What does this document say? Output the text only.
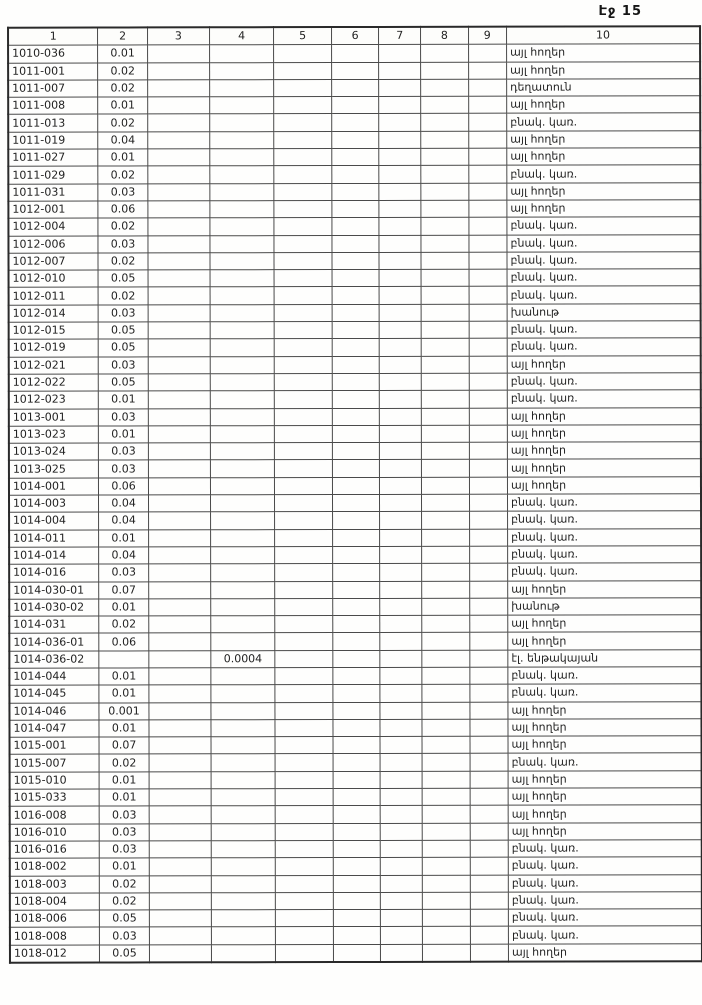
Էջ 15
1	2	3	4	5	6	7	8	9	10
1010-036	0.01								այլ հողեր
1011-001	0.02								այլ հողեր
1011-007	0.02								դեղատուն
1011-008	0.01								այլ հողեր
1011-013	0.02								բնակ. կառ.
1011-019	0.04								այլ հողեր
1011-027	0.01								այլ հողեր
1011-029	0.02								բնակ. կառ.
1011-031	0.03								այլ հողեր
1012-001	0.06								այլ հողեր
1012-004	0.02								բնակ. կառ.
1012-006	0.03								բնակ. կառ.
1012-007	0.02								բնակ. կառ.
1012-010	0.05								բնակ. կառ.
1012-011	0.02								բնակ. կառ.
1012-014	0.03								խանութ
1012-015	0.05								բնակ. կառ.
1012-019	0.05								բնակ. կառ.
1012-021	0.03								այլ հողեր
1012-022	0.05								բնակ. կառ.
1012-023	0.01								բնակ. կառ.
1013-001	0.03								այլ հողեր
1013-023	0.01								այլ հողեր
1013-024	0.03								այլ հողեր
1013-025	0.03								այլ հողեր
1014-001	0.06								այլ հողեր
1014-003	0.04								բնակ. կառ.
1014-004	0.04								բնակ. կառ.
1014-011	0.01								բնակ. կառ.
1014-014	0.04								բնակ. կառ.
1014-016	0.03								բնակ. կառ.
1014-030-01	0.07								այլ հողեր
1014-030-02	0.01								խանութ
1014-031	0.02								այլ հողեր
1014-036-01	0.06								այլ հողեր
1014-036-02			0.0004						էլ. ենթակայան
1014-044	0.01								բնակ. կառ.
1014-045	0.01								բնակ. կառ.
1014-046	0.001								այլ հողեր
1014-047	0.01								այլ հողեր
1015-001	0.07								այլ հողեր
1015-007	0.02								բնակ. կառ.
1015-010	0.01								այլ հողեր
1015-033	0.01								այլ հողեր
1016-008	0.03								այլ հողեր
1016-010	0.03								այլ հողեր
1016-016	0.03								բնակ. կառ.
1018-002	0.01								բնակ. կառ.
1018-003	0.02								բնակ. կառ.
1018-004	0.02								բնակ. կառ.
1018-006	0.05								բնակ. կառ.
1018-008	0.03								բնակ. կառ.
1018-012	0.05								այլ հողեր
